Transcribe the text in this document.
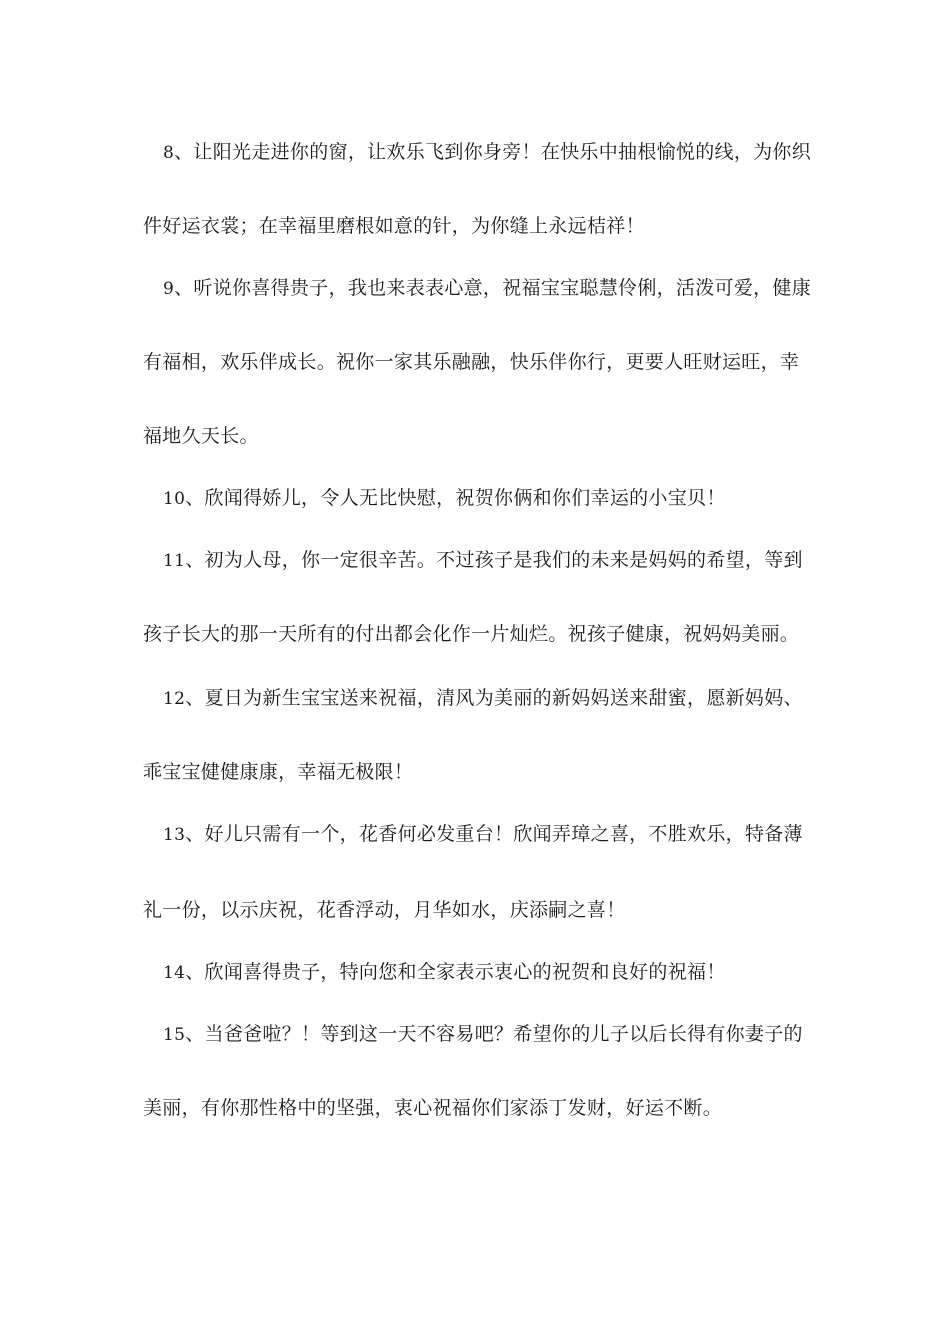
8、让阳光走进你的窗，让欢乐飞到你身旁！在快乐中抽根愉悦的线，为你织
件好运衣裳；在幸福里磨根如意的针，为你缝上永远桔祥！
9、听说你喜得贵子，我也来表表心意，祝福宝宝聪慧伶俐，活泼可爱，健康
有福相，欢乐伴成长。祝你一家其乐融融，快乐伴你行，更要人旺财运旺，幸
福地久天长。
10、欣闻得娇儿，令人无比快慰，祝贺你俩和你们幸运的小宝贝！
11、初为人母，你一定很辛苦。不过孩子是我们的未来是妈妈的希望，等到
孩子长大的那一天所有的付出都会化作一片灿烂。祝孩子健康，祝妈妈美丽。
12、夏日为新生宝宝送来祝福，清风为美丽的新妈妈送来甜蜜，愿新妈妈、
乖宝宝健健康康，幸福无极限！
13、好儿只需有一个，花香何必发重台！欣闻弄璋之喜，不胜欢乐，特备薄
礼一份，以示庆祝，花香浮动，月华如水，庆添嗣之喜！
14、欣闻喜得贵子，特向您和全家表示衷心的祝贺和良好的祝福！
15、当爸爸啦？！等到这一天不容易吧？希望你的儿子以后长得有你妻子的
美丽，有你那性格中的坚强，衷心祝福你们家添丁发财，好运不断。
